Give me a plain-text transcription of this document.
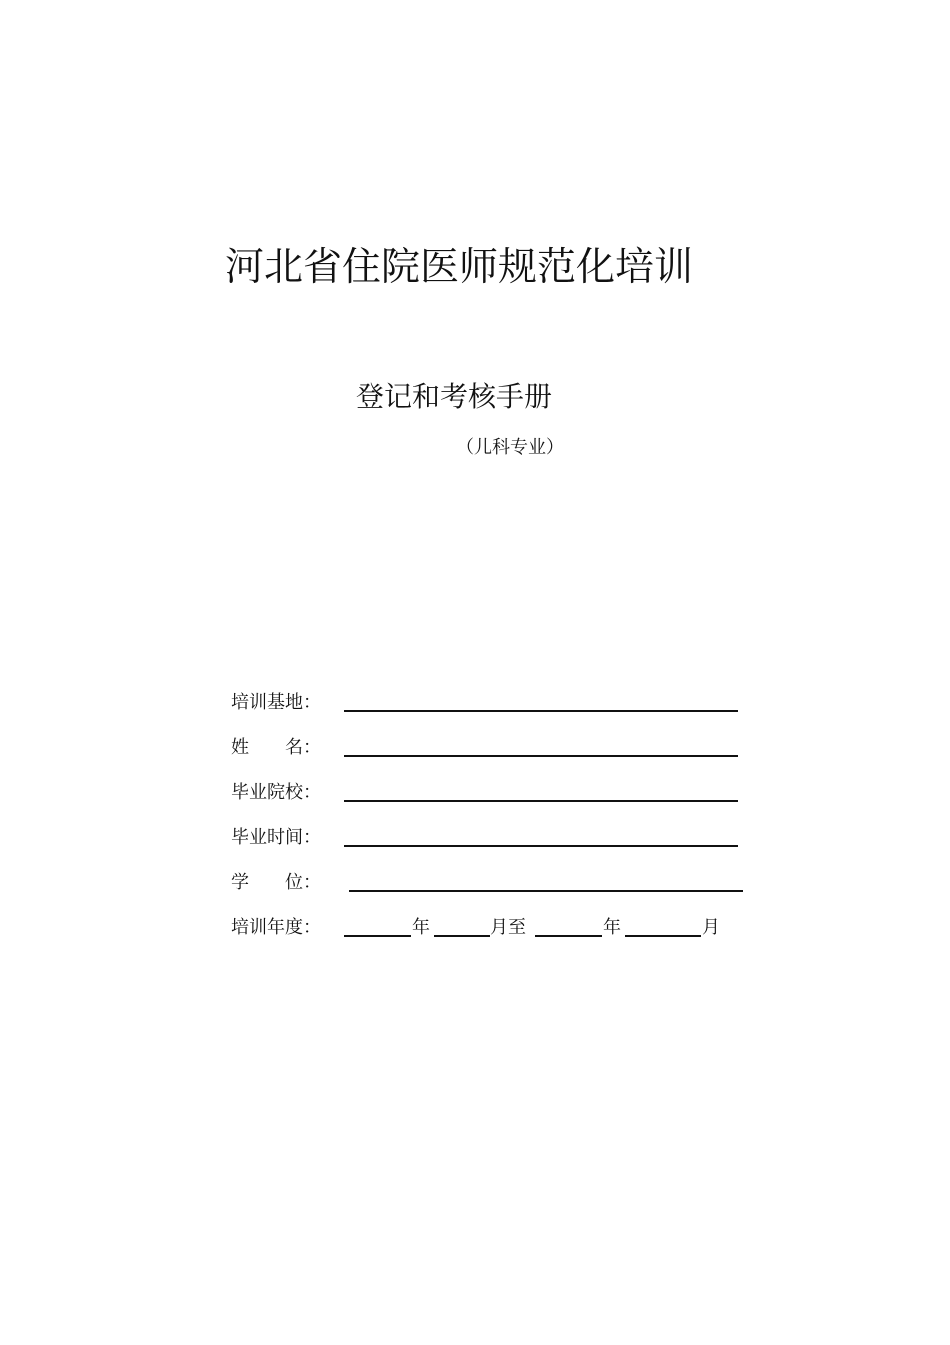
河北省住院医师规范化培训
登记和考核手册
（儿科专业）
培训基地：
姓　　名：
毕业院校：
毕业时间：
学　　位：
培训年度：	年	月至	年	月
